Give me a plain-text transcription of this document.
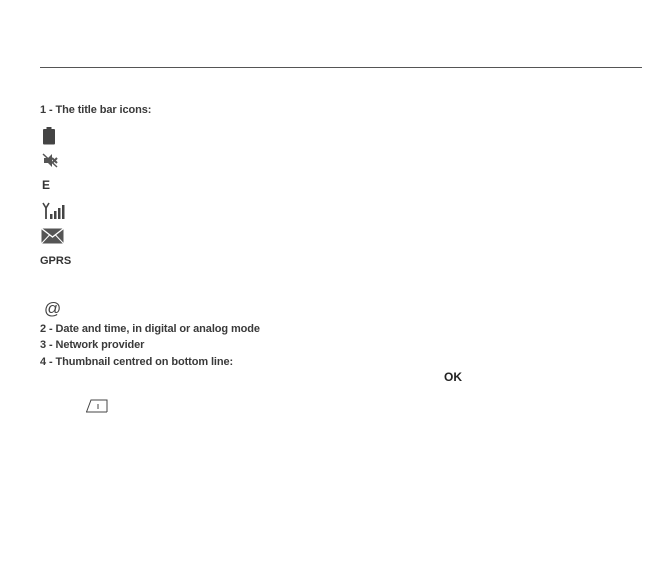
1 - The title bar icons:
E
GPRS
@
2 - Date and time, in digital or analog mode
3 - Network provider
4 - Thumbnail centred on bottom line:
OK
